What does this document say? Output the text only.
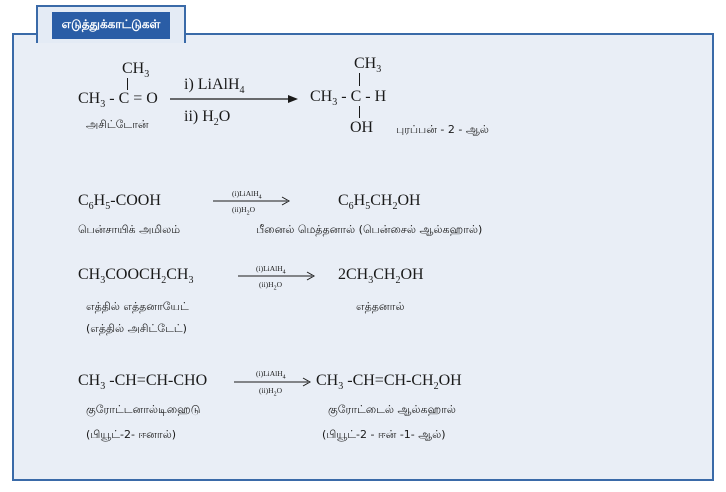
எடுத்துக்காட்டுகள்
$CH_3$
$CH_3 - C = O$
அசிட்டோன்
i) LiAlH$_4$
ii) $H_2O$
$CH_3$
$CH_3$ - C - H
OH புரப்பன் - 2 - ஆல்
$C_6H_5$-COOH	(i)LiAlH$_4$
$(ii)H_2O$
$C_6H_5CH_2OH$
பென்சாயிக் அமிலம்	பீனைல் மெத்தனால் (பென்சைல் ஆல்கஹால்)
$CH_3COOCH_2CH_3$
(i)LiAlH$_4$
$(ii)H_2O$
$2CH_3CH_2OH$
எத்தில் எத்தனாயேட்	எத்தனால்
(எத்தில் அசிட்டேட்)
$CH_3$ -CH=CH-CHO	(i)LiAlH$_4$
$(ii)H_2O$
$CH_3$ $-CH=CH-CH_2OH$
குரோட்டனால்டிஹைடு	குரோட்டைல் ஆல்கஹால்
(பியூட்-2- ஈனால்)	(பியூட்-2 - ஈன் -1- ஆல்)
